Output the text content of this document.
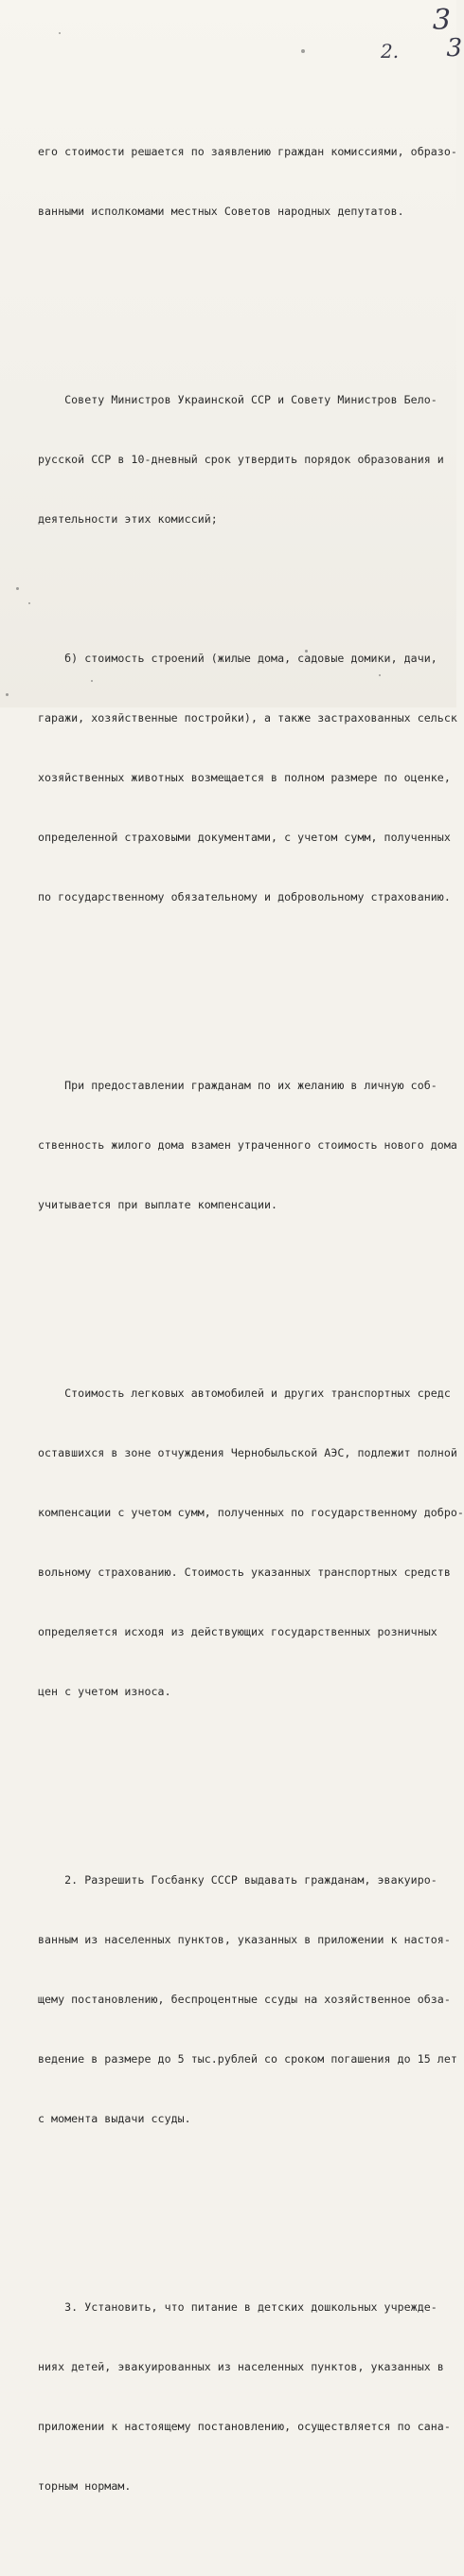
3
2. 3

его стоимости решается по заявлению граждан комиссиями, образо-

ванными исполкомами местных Советов народных депутатов.

Совету Министров Украинской ССР и Совету Министров Бело-

русской ССР в 10-дневный срок утвердить порядок образования и

деятельности этих комиссий;

б) стоимость строений (жилые дома, садовые домики, дачи,

гаражи, хозяйственные постройки), а также застрахованных сельск

хозяйственных животных возмещается в полном размере по оценке,

определенной страховыми документами, с учетом сумм, полученных

по государственному обязательному и добровольному страхованию.

При предоставлении гражданам по их желанию в личную соб-

ственность жилого дома взамен утраченного стоимость нового дома

учитывается при выплате компенсации.

Стоимость легковых автомобилей и других транспортных средс

оставшихся в зоне отчуждения Чернобыльской АЭС, подлежит полной

компенсации с учетом сумм, полученных по государственному добро-

вольному страхованию. Стоимость указанных транспортных средств

определяется исходя из действующих государственных розничных

цен с учетом износа.

2. Разрешить Госбанку СССР выдавать гражданам, эвакуиро-

ванным из населенных пунктов, указанных в приложении к настоя-

щему постановлению, беспроцентные ссуды на хозяйственное обза-

ведение в размере до 5 тыс.рублей со сроком погашения до 15 лет

с момента выдачи ссуды.

3. Установить, что питание в детских дошкольных учрежде-

ниях детей, эвакуированных из населенных пунктов, указанных в

приложении к настоящему постановлению, осуществляется по сана-

торным нормам.
